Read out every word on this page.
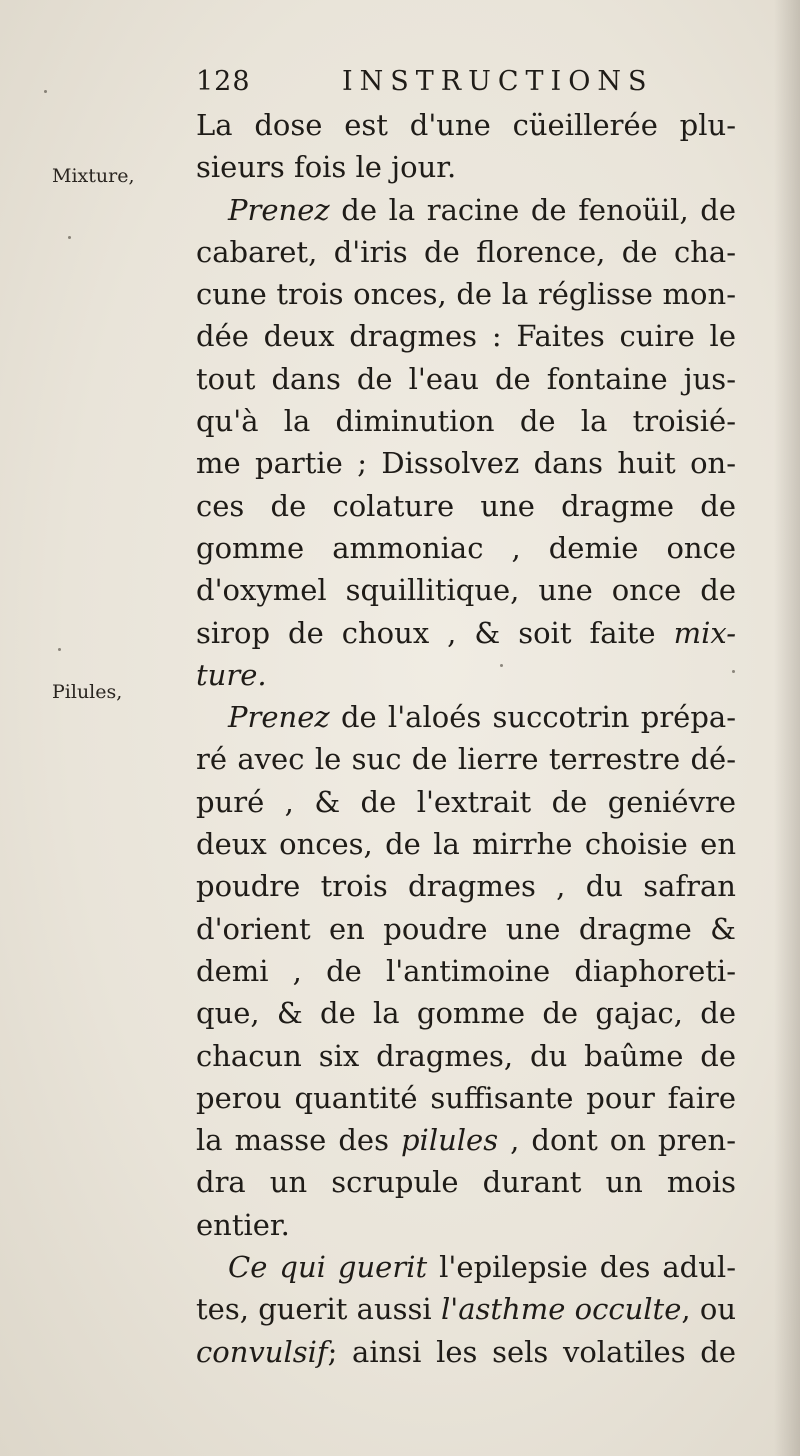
128	INSTRUCTIONS
Mixture,
Pilules,
La dose est d'une cüeillerée plu-
sieurs fois le jour.
Prenez de la racine de fenoüil, de
cabaret, d'iris de florence, de cha-
cune trois onces, de la réglisse mon-
dée deux dragmes : Faites cuire le
tout dans de l'eau de fontaine jus-
qu'à la diminution de la troisié-
me partie ; Dissolvez dans huit on-
ces de colature une dragme de
gomme ammoniac , demie once
d'oxymel squillitique, une once de
sirop de choux , & soit faite mix-
ture.
Prenez de l'aloés succotrin prépa-
ré avec le suc de lierre terrestre dé-
puré , & de l'extrait de geniévre
deux onces, de la mirrhe choisie en
poudre trois dragmes , du safran
d'orient en poudre une dragme &
demi , de l'antimoine diaphoreti-
que, & de la gomme de gajac, de
chacun six dragmes, du baûme de
perou quantité suffisante pour faire
la masse des pilules , dont on pren-
dra un scrupule durant un mois
entier.
Ce qui guerit l'epilepsie des adul-
tes, guerit aussi l'asthme occulte, ou
convulsif; ainsi les sels volatiles de
